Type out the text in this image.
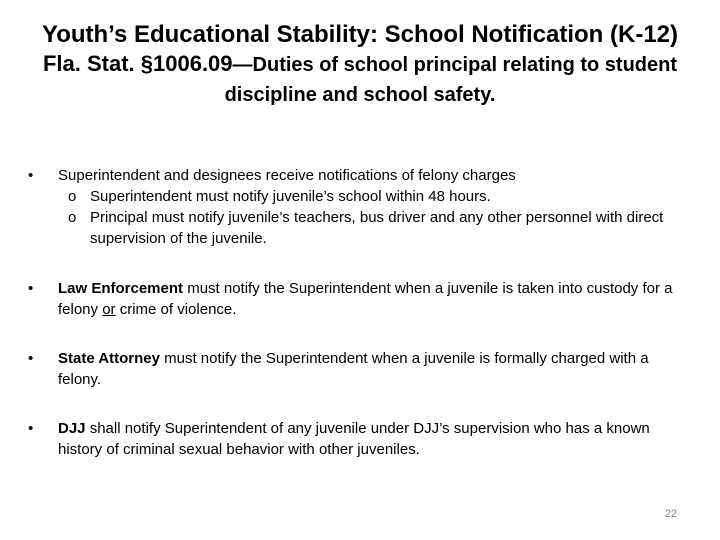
Youth’s Educational Stability: School Notification (K-12)
Fla. Stat. §1006.09—Duties of school principal relating to student discipline and school safety.
• Superintendent and designees receive notifications of felony charges
o Superintendent must notify juvenile’s school within 48 hours.
o Principal must notify juvenile’s teachers, bus driver and any other personnel with direct supervision of the juvenile.
• Law Enforcement must notify the Superintendent when a juvenile is taken into custody for a felony or crime of violence.
• State Attorney must notify the Superintendent when a juvenile is formally charged with a felony.
• DJJ shall notify Superintendent of any juvenile under DJJ’s supervision who has a known history of criminal sexual behavior with other juveniles.
22
